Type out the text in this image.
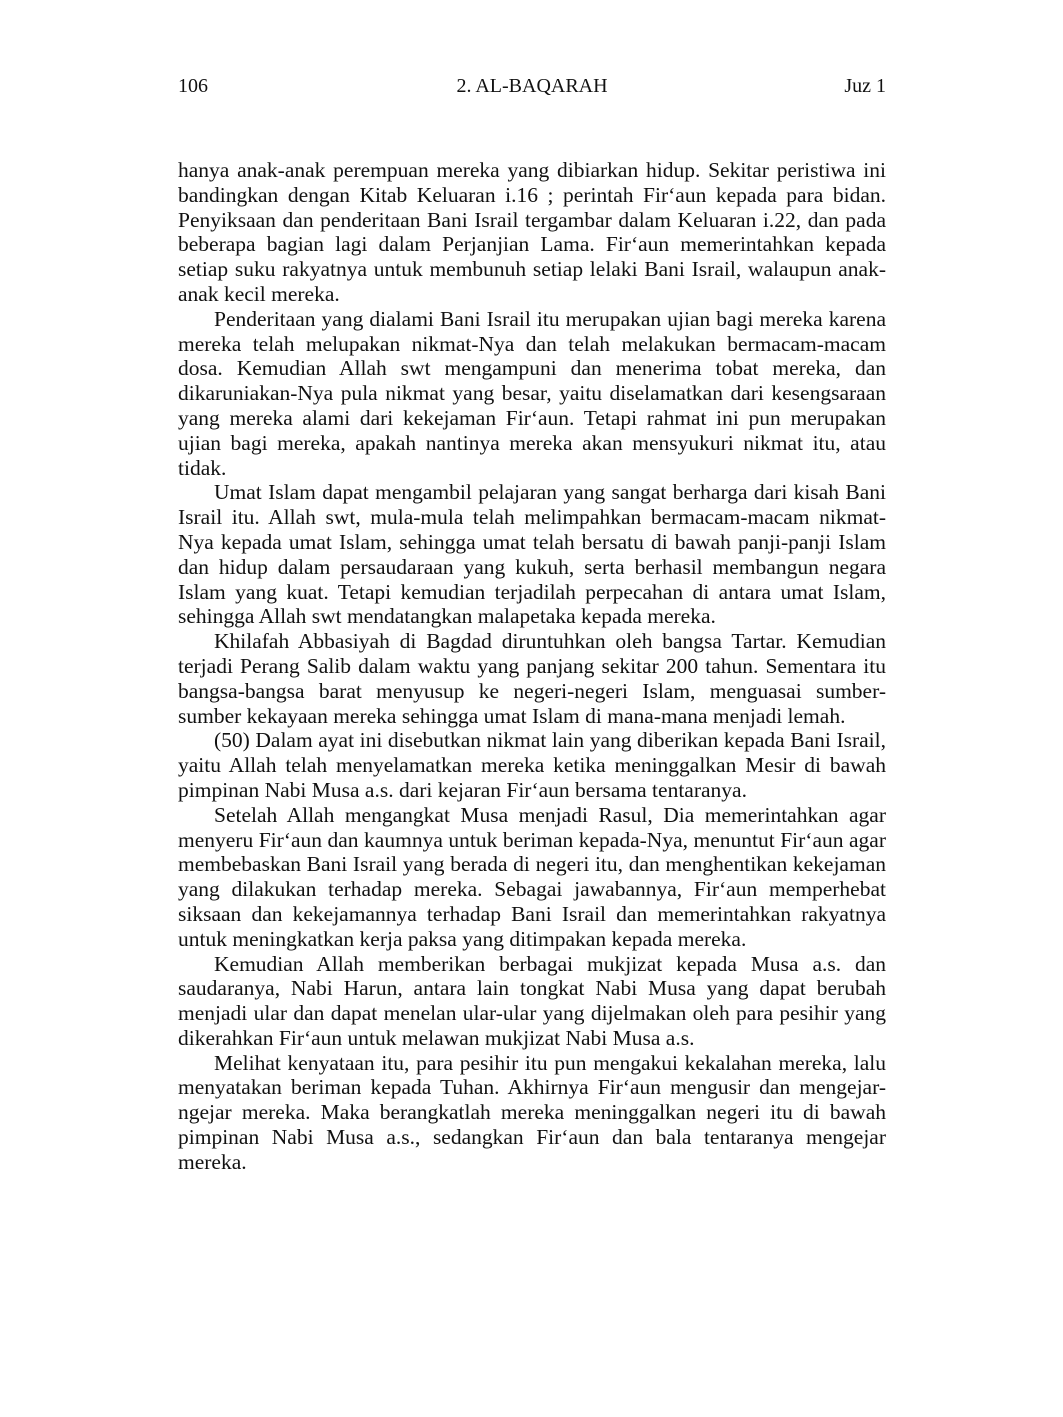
106	2. AL-BAQARAH	Juz 1

hanya anak-anak perempuan mereka yang dibiarkan hidup. Sekitar peristiwa ini bandingkan dengan Kitab Keluaran i.16 ; perintah Fir‘aun kepada para bidan. Penyiksaan dan penderitaan Bani Israil tergambar dalam Keluaran i.22, dan pada beberapa bagian lagi dalam Perjanjian Lama. Fir‘aun memerintahkan kepada setiap suku rakyatnya untuk membunuh setiap lelaki Bani Israil, walaupun anak-anak kecil mereka.

Penderitaan yang dialami Bani Israil itu merupakan ujian bagi mereka karena mereka telah melupakan nikmat-Nya dan telah melakukan bermacam-macam dosa. Kemudian Allah swt mengampuni dan menerima tobat mereka, dan dikaruniakan-Nya pula nikmat yang besar, yaitu diselamatkan dari kesengsaraan yang mereka alami dari kekejaman Fir‘aun. Tetapi rahmat ini pun merupakan ujian bagi mereka, apakah nantinya mereka akan mensyukuri nikmat itu, atau tidak.

Umat Islam dapat mengambil pelajaran yang sangat berharga dari kisah Bani Israil itu. Allah swt, mula-mula telah melimpahkan bermacam-macam nikmat-Nya kepada umat Islam, sehingga umat telah bersatu di bawah panji-panji Islam dan hidup dalam persaudaraan yang kukuh, serta berhasil membangun negara Islam yang kuat. Tetapi kemudian terjadilah perpecahan di antara umat Islam, sehingga Allah swt mendatangkan malapetaka kepada mereka.

Khilafah Abbasiyah di Bagdad diruntuhkan oleh bangsa Tartar. Kemudian terjadi Perang Salib dalam waktu yang panjang sekitar 200 tahun. Sementara itu bangsa-bangsa barat menyusup ke negeri-negeri Islam, menguasai sumber-sumber kekayaan mereka sehingga umat Islam di mana-mana menjadi lemah.

(50) Dalam ayat ini disebutkan nikmat lain yang diberikan kepada Bani Israil, yaitu Allah telah menyelamatkan mereka ketika meninggalkan Mesir di bawah pimpinan Nabi Musa a.s. dari kejaran Fir‘aun bersama tentaranya.

Setelah Allah mengangkat Musa menjadi Rasul, Dia memerintahkan agar menyeru Fir‘aun dan kaumnya untuk beriman kepada-Nya, menuntut Fir‘aun agar membebaskan Bani Israil yang berada di negeri itu, dan menghentikan kekejaman yang dilakukan terhadap mereka. Sebagai jawabannya, Fir‘aun memperhebat siksaan dan kekejamannya terhadap Bani Israil dan memerintahkan rakyatnya untuk meningkatkan kerja paksa yang ditimpakan kepada mereka.

Kemudian Allah memberikan berbagai mukjizat kepada Musa a.s. dan saudaranya, Nabi Harun, antara lain tongkat Nabi Musa yang dapat berubah menjadi ular dan dapat menelan ular-ular yang dijelmakan oleh para pesihir yang dikerahkan Fir‘aun untuk melawan mukjizat Nabi Musa a.s.

Melihat kenyataan itu, para pesihir itu pun mengakui kekalahan mereka, lalu menyatakan beriman kepada Tuhan. Akhirnya Fir‘aun mengusir dan mengejar-ngejar mereka. Maka berangkatlah mereka meninggalkan negeri itu di bawah pimpinan Nabi Musa a.s., sedangkan Fir‘aun dan bala tentaranya mengejar mereka.
